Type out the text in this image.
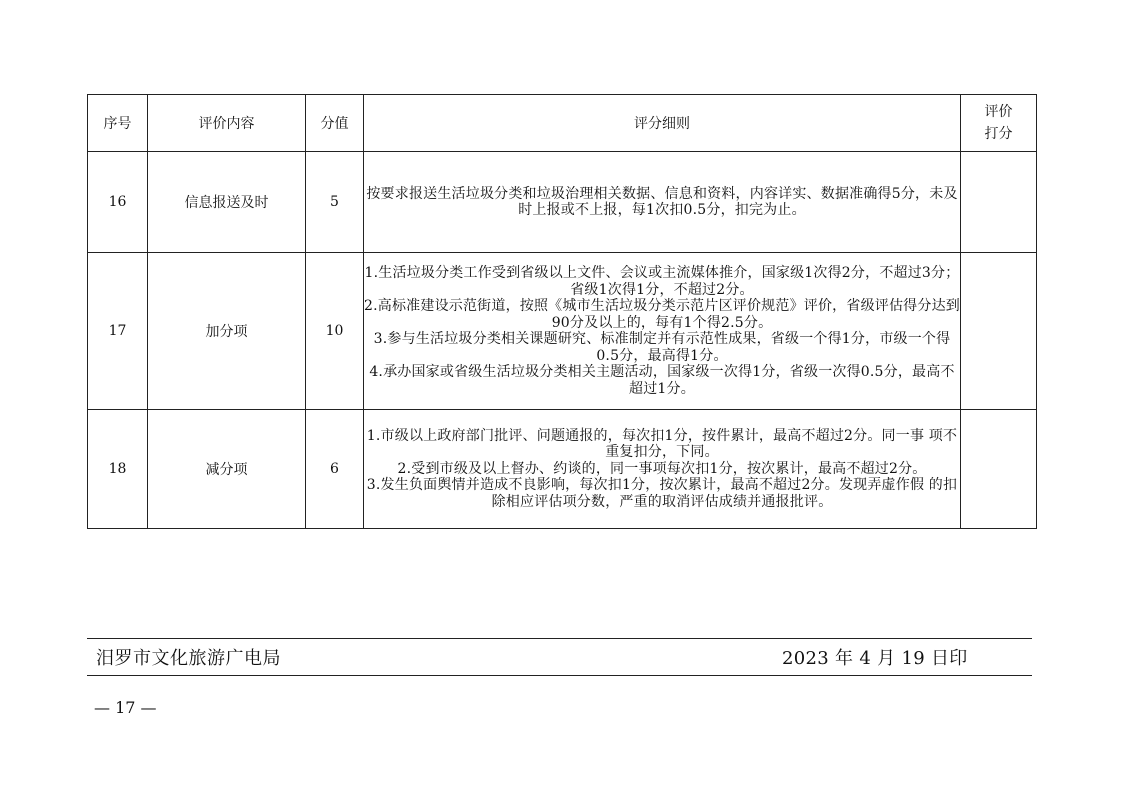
序号	评价内容	分值	评分细则	评价
打分

16	信息报送及时	5	按要求报送生活垃圾分类和垃圾治理相关数据、信息和资料，内容详实、数据准确得5分，未及时上报或不上报，每1次扣0.5分，扣完为止。	

17	加分项	10	1.生活垃圾分类工作受到省级以上文件、会议或主流媒体推介，国家级1次得2分，不超过3分；省级1次得1分，不超过2分。
2.高标准建设示范街道，按照《城市生活垃圾分类示范片区评价规范》评价，省级评估得分达到90分及以上的，每有1个得2.5分。
3.参与生活垃圾分类相关课题研究、标准制定并有示范性成果，省级一个得1分，市级一个得0.5分，最高得1分。
4.承办国家或省级生活垃圾分类相关主题活动，国家级一次得1分，省级一次得0.5分，最高不超过1分。	

18	减分项	6	1.市级以上政府部门批评、问题通报的，每次扣1分，按件累计，最高不超过2分。同一事 项不重复扣分，下同。
2.受到市级及以上督办、约谈的，同一事项每次扣1分，按次累计，最高不超过2分。
3.发生负面舆情并造成不良影响，每次扣1分，按次累计，最高不超过2分。发现弄虚作假 的扣除相应评估项分数，严重的取消评估成绩并通报批评。	

汨罗市文化旅游广电局	2023 年 4 月 19 日印
— 17 —
